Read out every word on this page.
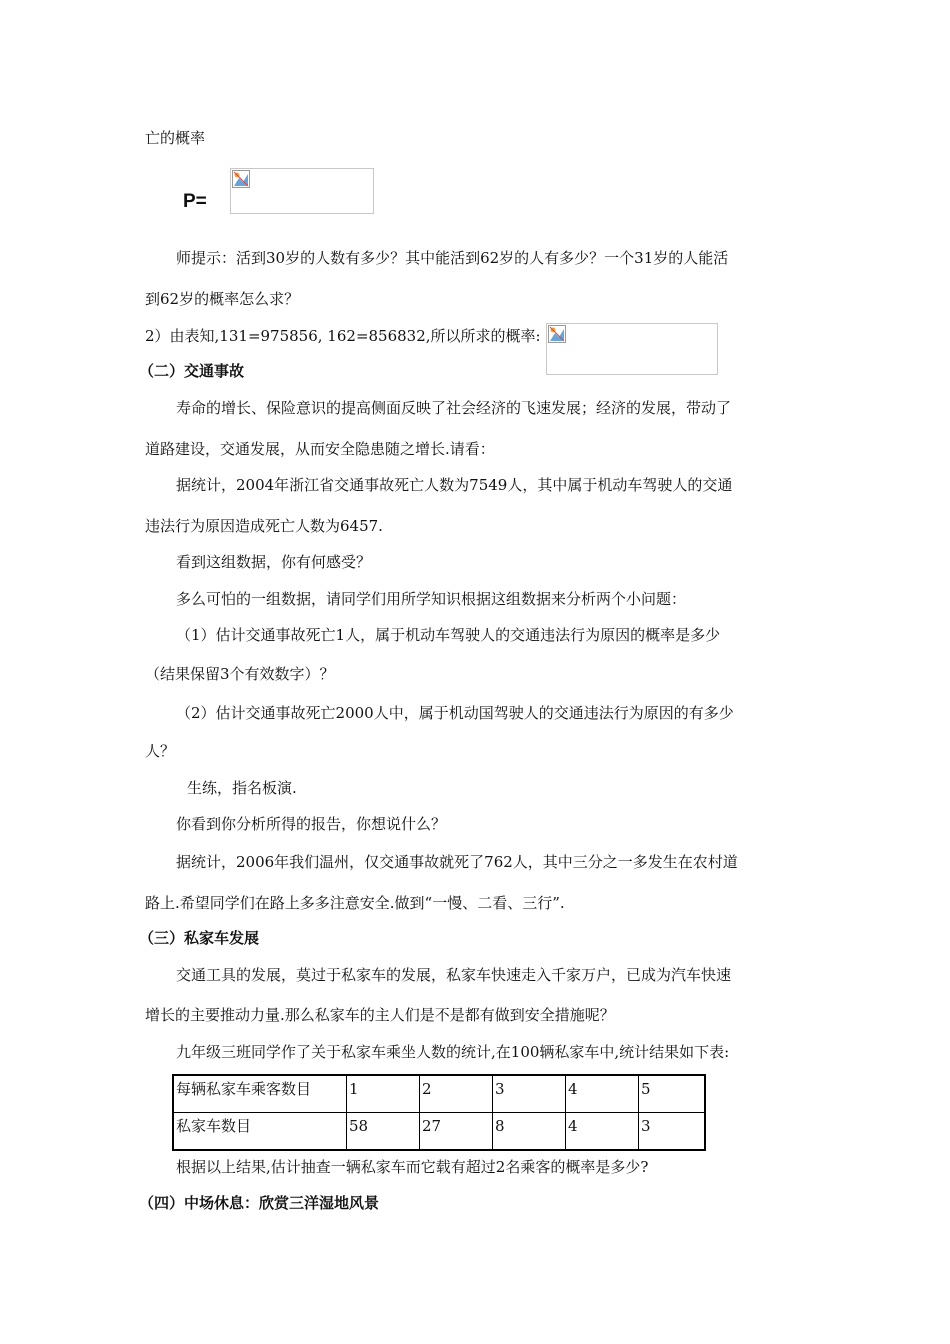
亡的概率
P=
师提示：活到30岁的人数有多少？其中能活到62岁的人有多少？一个31岁的人能活
到62岁的概率怎么求？
2）由表知,131=975856, 162=856832,所以所求的概率:
（二）交通事故
寿命的增长、保险意识的提高侧面反映了社会经济的飞速发展；经济的发展，带动了
道路建设，交通发展，从而安全隐患随之增长.请看：
据统计，2004年浙江省交通事故死亡人数为7549人，其中属于机动车驾驶人的交通
违法行为原因造成死亡人数为6457.
看到这组数据，你有何感受？
多么可怕的一组数据，请同学们用所学知识根据这组数据来分析两个小问题：
（1）估计交通事故死亡1人，属于机动车驾驶人的交通违法行为原因的概率是多少
（结果保留3个有效数字）？
（2）估计交通事故死亡2000人中，属于机动国驾驶人的交通违法行为原因的有多少
人？
生练，指名板演.
你看到你分析所得的报告，你想说什么？
据统计，2006年我们温州，仅交通事故就死了762人，其中三分之一多发生在农村道
路上.希望同学们在路上多多注意安全.做到“一慢、二看、三行”.
（三）私家车发展
交通工具的发展，莫过于私家车的发展，私家车快速走入千家万户，已成为汽车快速
增长的主要推动力量.那么私家车的主人们是不是都有做到安全措施呢？
九年级三班同学作了关于私家车乘坐人数的统计,在100辆私家车中,统计结果如下表:
每辆私家车乘客数目	1	2	3	4	5
私家车数目	58	27	8	4	3
根据以上结果,估计抽查一辆私家车而它载有超过2名乘客的概率是多少?
（四）中场休息：欣赏三洋湿地风景
